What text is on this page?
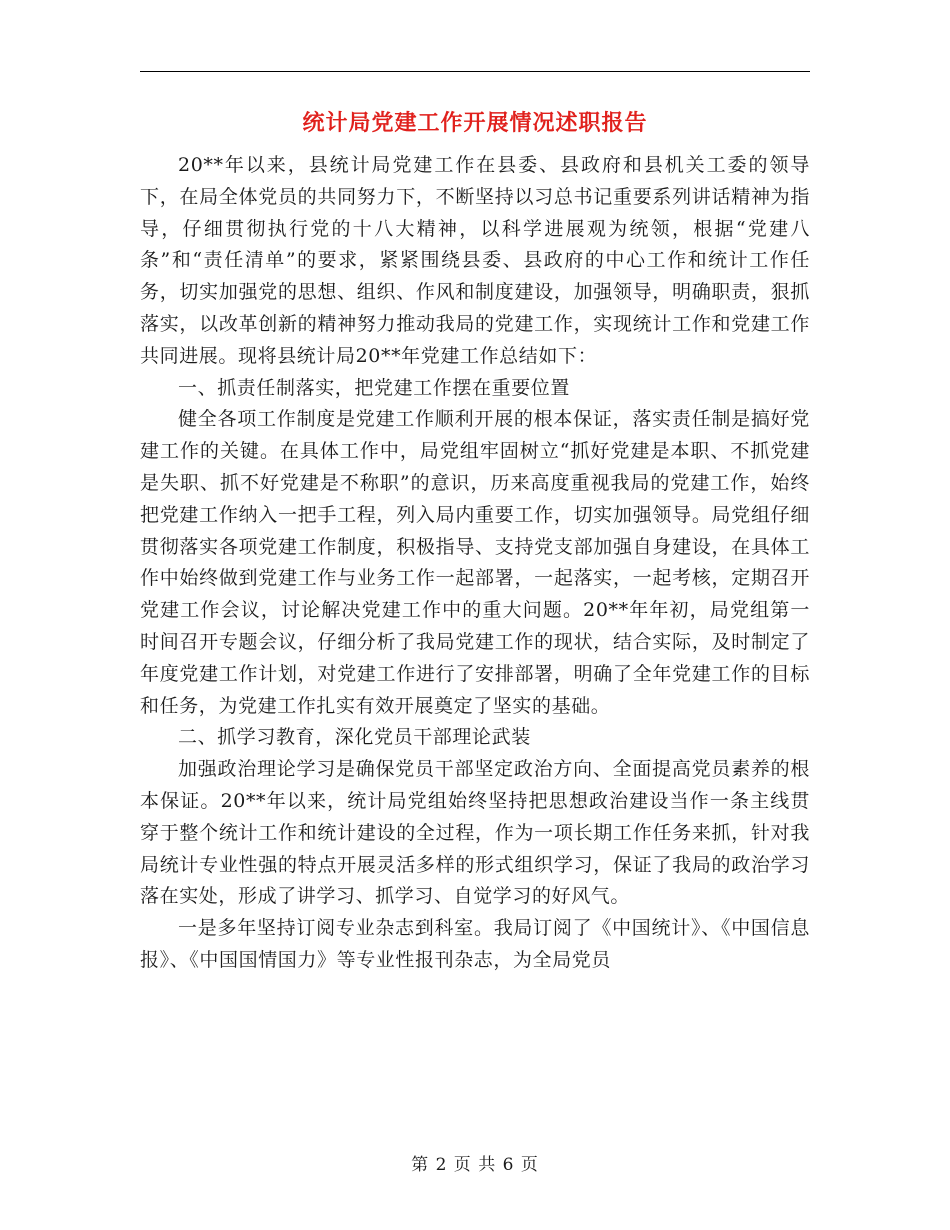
统计局党建工作开展情况述职报告

20**年以来，县统计局党建工作在县委、县政府和县机关工委的领导下，在局全体党员的共同努力下，不断坚持以习总书记重要系列讲话精神为指导，仔细贯彻执行党的十八大精神，以科学进展观为统领，根据“党建八条”和“责任清单”的要求，紧紧围绕县委、县政府的中心工作和统计工作任务，切实加强党的思想、组织、作风和制度建设，加强领导，明确职责，狠抓落实，以改革创新的精神努力推动我局的党建工作，实现统计工作和党建工作共同进展。现将县统计局20**年党建工作总结如下：

一、抓责任制落实，把党建工作摆在重要位置

健全各项工作制度是党建工作顺利开展的根本保证，落实责任制是搞好党建工作的关键。在具体工作中，局党组牢固树立“抓好党建是本职、不抓党建是失职、抓不好党建是不称职”的意识，历来高度重视我局的党建工作，始终把党建工作纳入一把手工程，列入局内重要工作，切实加强领导。局党组仔细贯彻落实各项党建工作制度，积极指导、支持党支部加强自身建设，在具体工作中始终做到党建工作与业务工作一起部署，一起落实，一起考核，定期召开党建工作会议，讨论解决党建工作中的重大问题。20**年年初，局党组第一时间召开专题会议，仔细分析了我局党建工作的现状，结合实际，及时制定了年度党建工作计划，对党建工作进行了安排部署，明确了全年党建工作的目标和任务，为党建工作扎实有效开展奠定了坚实的基础。

二、抓学习教育，深化党员干部理论武装

加强政治理论学习是确保党员干部坚定政治方向、全面提高党员素养的根本保证。20**年以来，统计局党组始终坚持把思想政治建设当作一条主线贯穿于整个统计工作和统计建设的全过程，作为一项长期工作任务来抓，针对我局统计专业性强的特点开展灵活多样的形式组织学习，保证了我局的政治学习落在实处，形成了讲学习、抓学习、自觉学习的好风气。

一是多年坚持订阅专业杂志到科室。我局订阅了《中国统计》、《中国信息报》、《中国国情国力》等专业性报刊杂志，为全局党员

第 2 页 共 6 页
